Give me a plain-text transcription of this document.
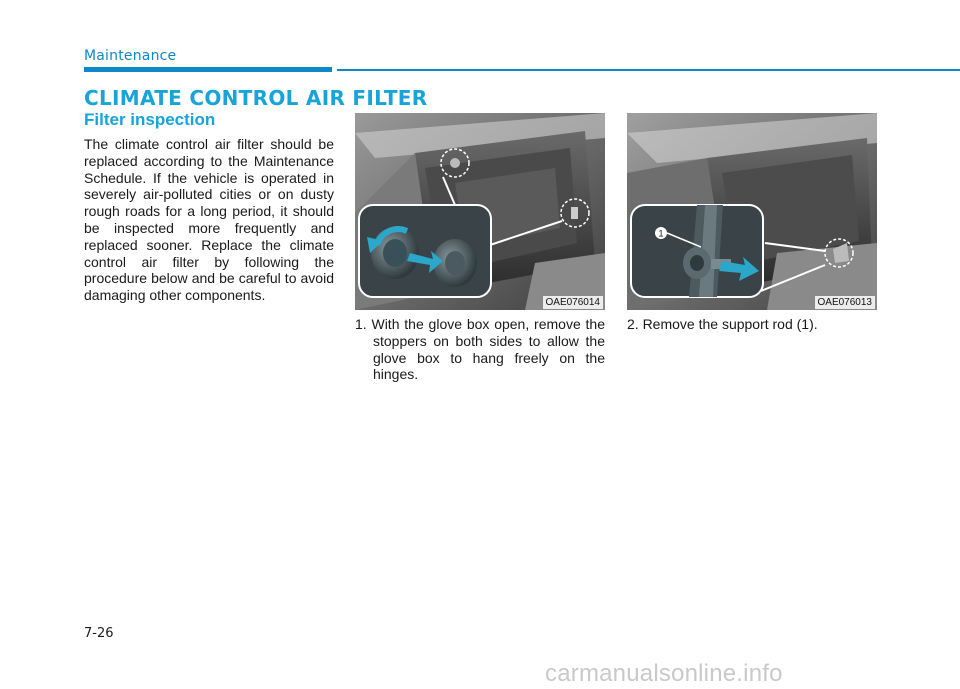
Maintenance
CLIMATE CONTROL AIR FILTER
Filter inspection

The climate control air filter should be replaced according to the Maintenance Schedule. If the vehicle is operated in severely air-polluted cities or on dusty rough roads for a long period, it should be inspected more frequently and replaced sooner. Replace the climate control air filter by following the procedure below and be careful to avoid damaging other components.	OAE076014

1. With the glove box open, remove the stoppers on both sides to allow the glove box to hang freely on the hinges.

1
OAE076013

2. Remove the support rod (1).

7-26
carmanualsonline.info
